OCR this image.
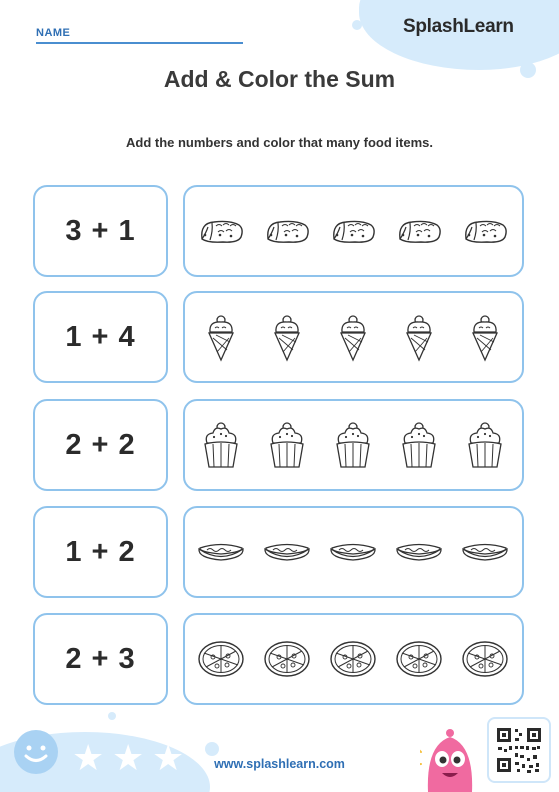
NAME	SplashLearn
Add & Color the Sum
Add the numbers and color that many food items.
3 + 1
1 + 4
2 + 2
1 + 2
2 + 3
★ ★ ★	www.splashlearn.com
